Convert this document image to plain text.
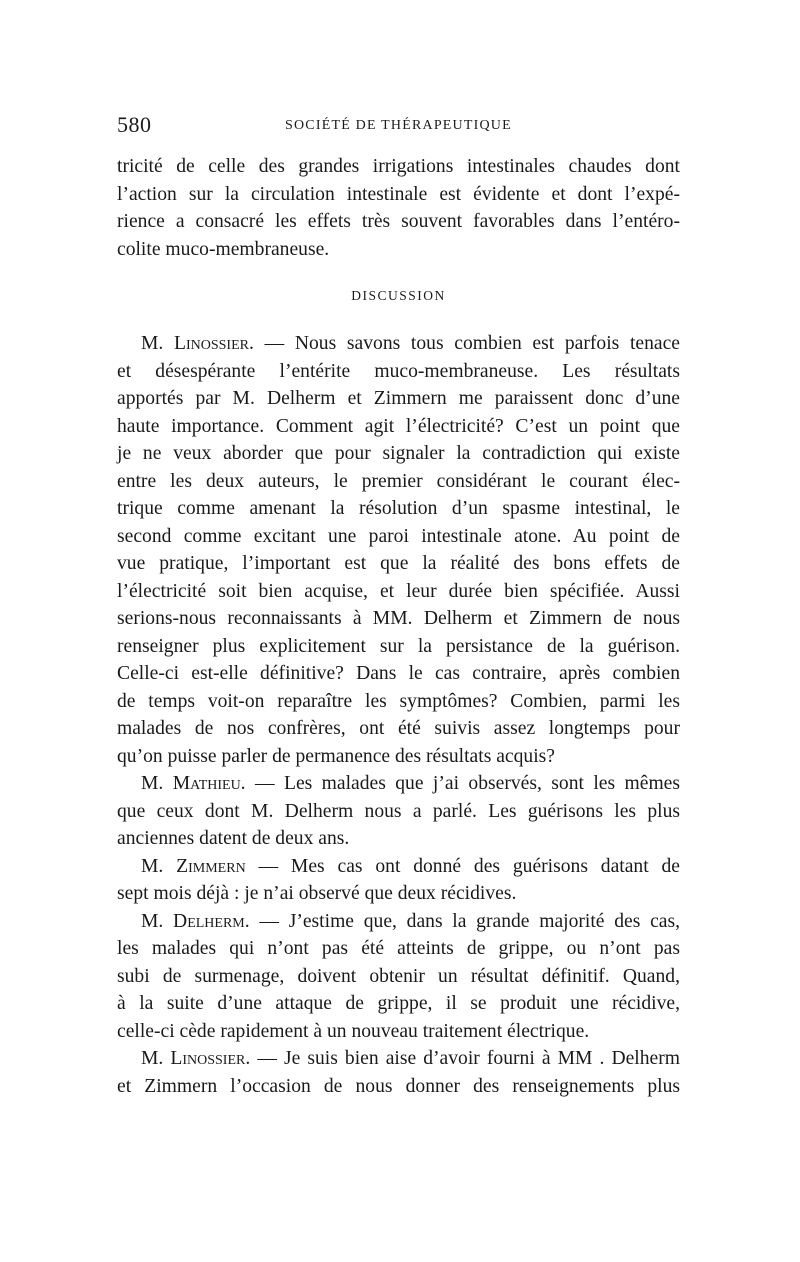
580	SOCIÉTÉ DE THÉRAPEUTIQUE
tricité de celle des grandes irrigations intestinales chaudes dont
l’action sur la circulation intestinale est évidente et dont l’expé-
rience a consacré les effets très souvent favorables dans l’entéro-
colite muco-membraneuse.
DISCUSSION
M. Linossier. — Nous savons tous combien est parfois tenace
et désespérante l’entérite muco-membraneuse. Les résultats
apportés par M. Delherm et Zimmern me paraissent donc d’une
haute importance. Comment agit l’électricité? C’est un point que
je ne veux aborder que pour signaler la contradiction qui existe
entre les deux auteurs, le premier considérant le courant élec-
trique comme amenant la résolution d’un spasme intestinal, le
second comme excitant une paroi intestinale atone. Au point de
vue pratique, l’important est que la réalité des bons effets de
l’électricité soit bien acquise, et leur durée bien spécifiée. Aussi
serions-nous reconnaissants à MM. Delherm et Zimmern de nous
renseigner plus explicitement sur la persistance de la guérison.
Celle-ci est-elle définitive? Dans le cas contraire, après combien
de temps voit-on reparaître les symptômes? Combien, parmi les
malades de nos confrères, ont été suivis assez longtemps pour
qu’on puisse parler de permanence des résultats acquis?
M. Mathieu. — Les malades que j’ai observés, sont les mêmes
que ceux dont M. Delherm nous a parlé. Les guérisons les plus
anciennes datent de deux ans.
M. Zimmern — Mes cas ont donné des guérisons datant de
sept mois déjà : je n’ai observé que deux récidives.
M. Delherm. — J’estime que, dans la grande majorité des cas,
les malades qui n’ont pas été atteints de grippe, ou n’ont pas
subi de surmenage, doivent obtenir un résultat définitif. Quand,
à la suite d’une attaque de grippe, il se produit une récidive,
celle-ci cède rapidement à un nouveau traitement électrique.
M. Linossier. — Je suis bien aise d’avoir fourni à MM . Delherm
et Zimmern l’occasion de nous donner des renseignements plus
